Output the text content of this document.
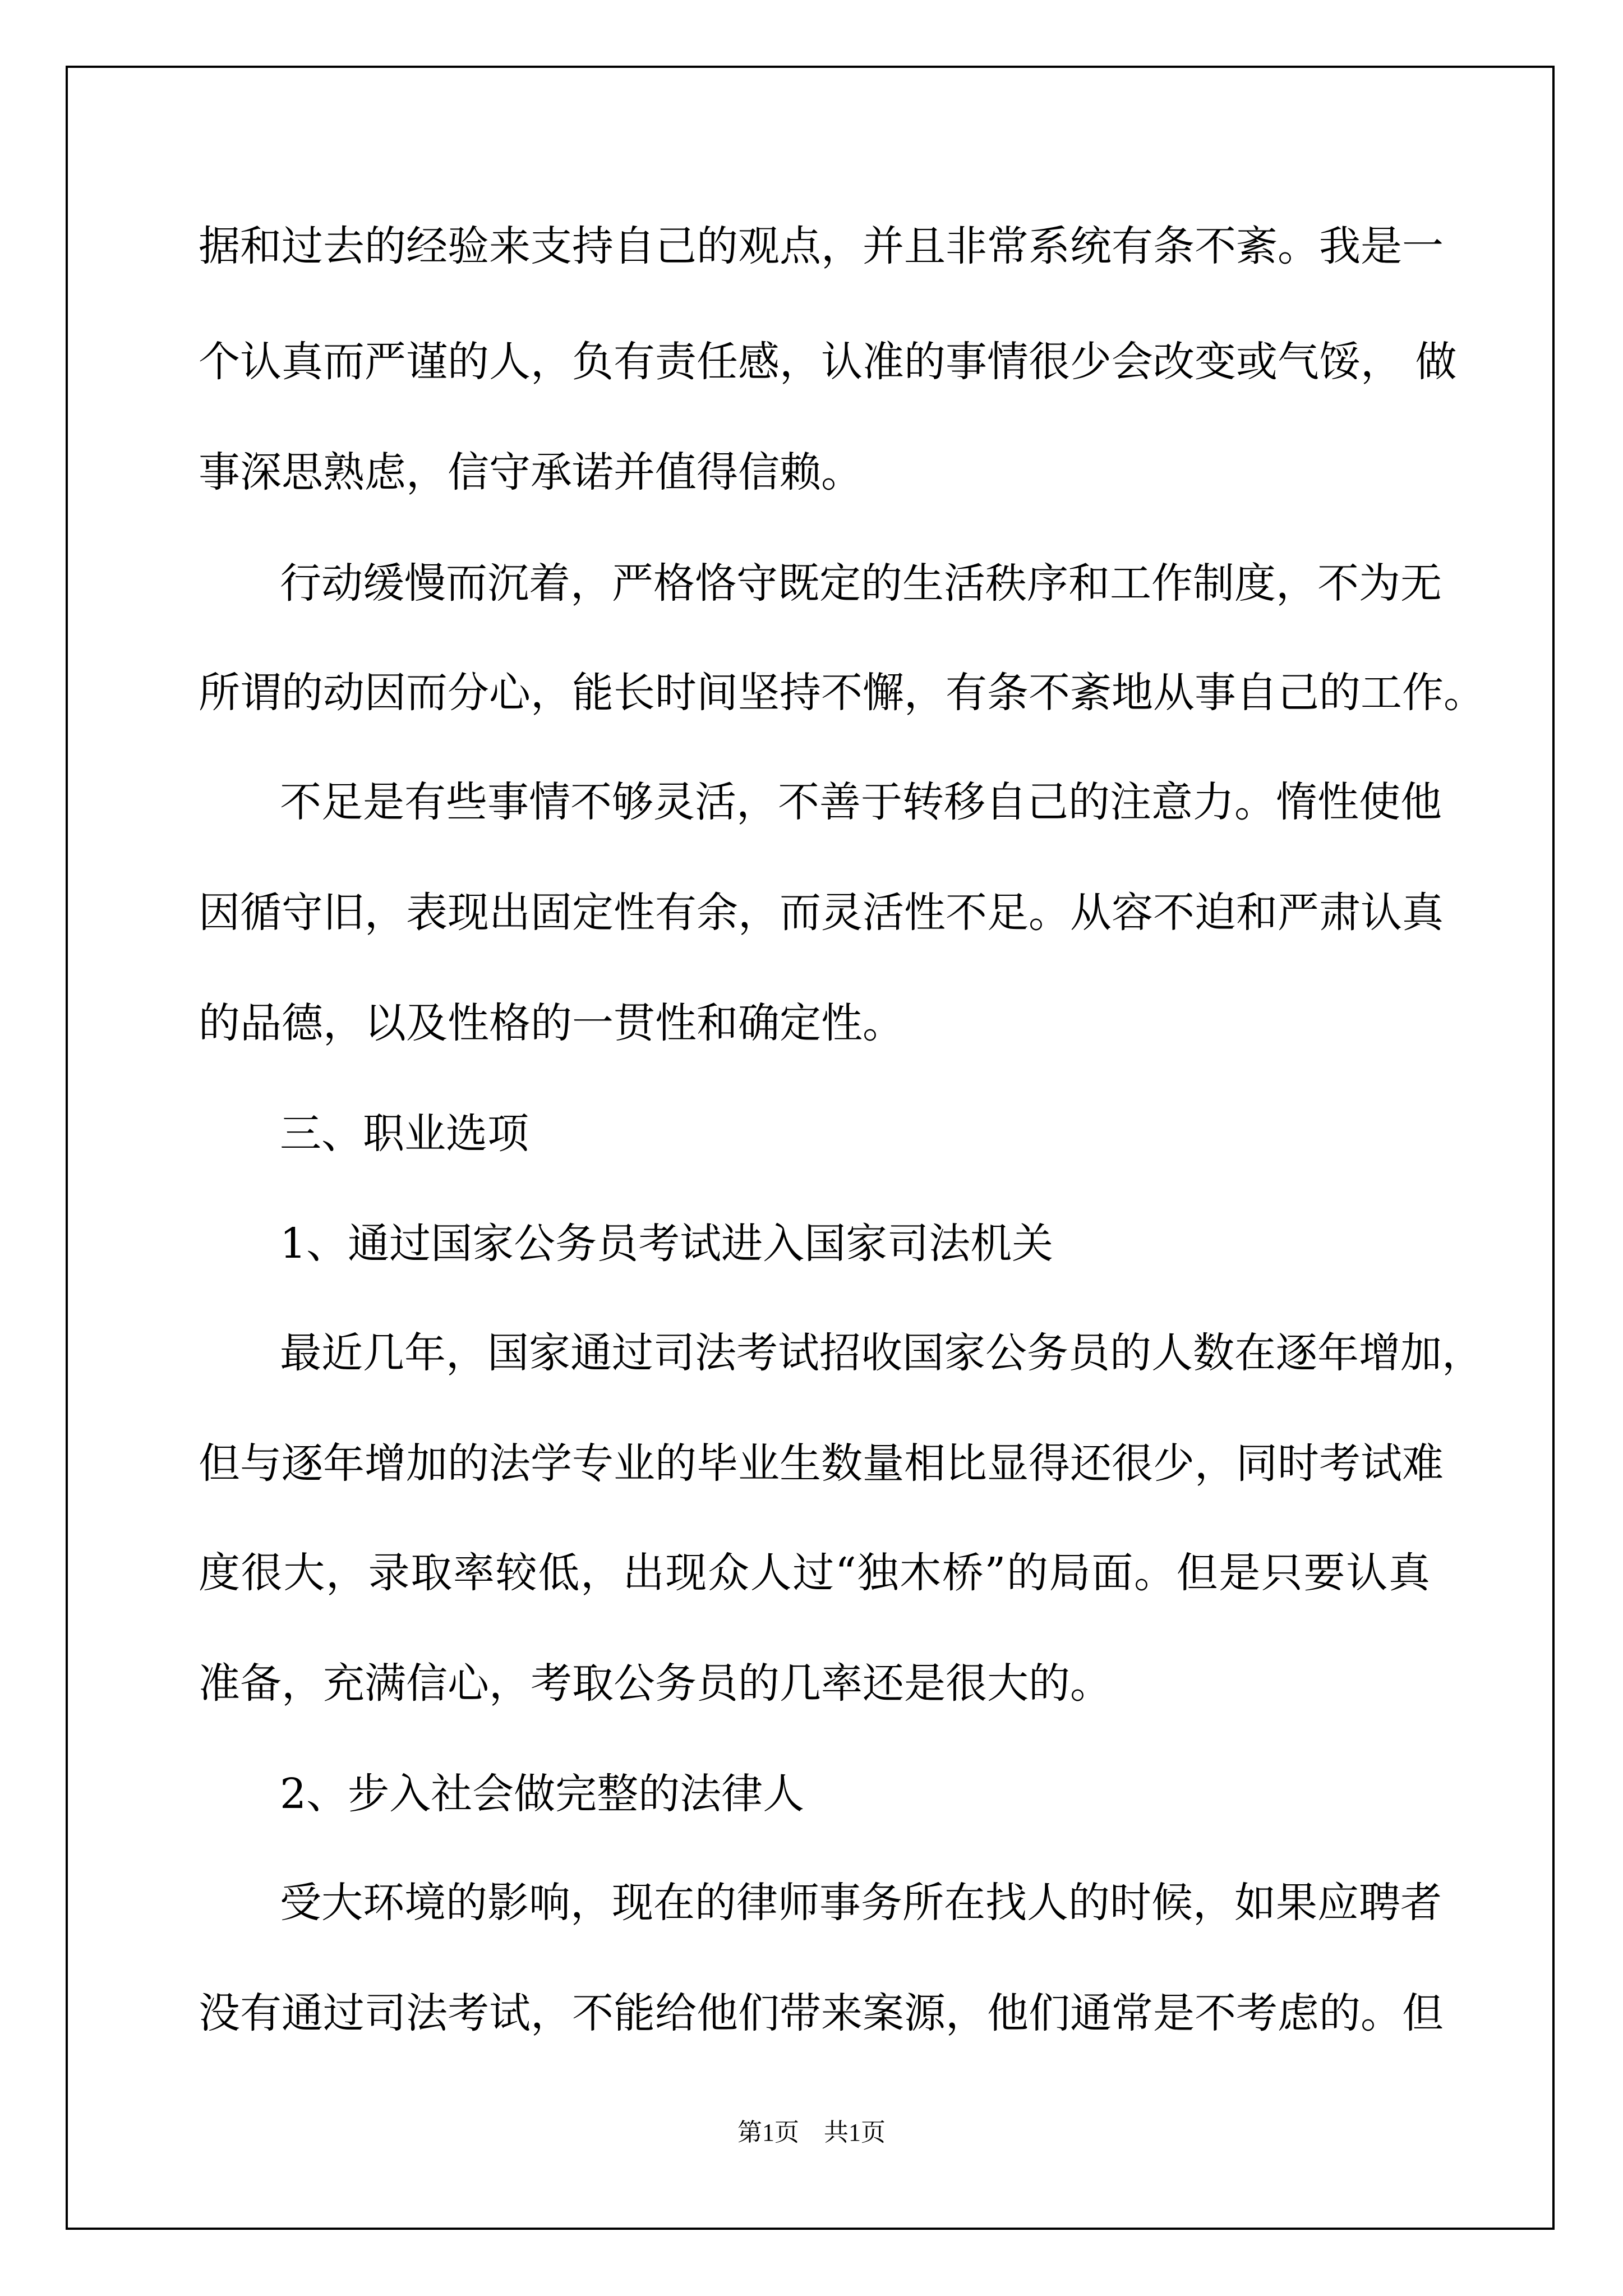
据和过去的经验来支持自己的观点，并且非常系统有条不紊。我是一
个认真而严谨的人，负有责任感，认准的事情很少会改变或气馁， 做
事深思熟虑，信守承诺并值得信赖。
行动缓慢而沉着，严格恪守既定的生活秩序和工作制度，不为无
所谓的动因而分心，能长时间坚持不懈，有条不紊地从事自己的工作。
不足是有些事情不够灵活，不善于转移自己的注意力。惰性使他
因循守旧，表现出固定性有余，而灵活性不足。从容不迫和严肃认真
的品德，以及性格的一贯性和确定性。
三、职业选项
1、通过国家公务员考试进入国家司法机关
最近几年，国家通过司法考试招收国家公务员的人数在逐年增加，
但与逐年增加的法学专业的毕业生数量相比显得还很少，同时考试难
度很大，录取率较低，出现众人过“独木桥”的局面。但是只要认真
准备，充满信心，考取公务员的几率还是很大的。
2、步入社会做完整的法律人
受大环境的影响，现在的律师事务所在找人的时候，如果应聘者
没有通过司法考试，不能给他们带来案源，他们通常是不考虑的。但
第1页 共1页
